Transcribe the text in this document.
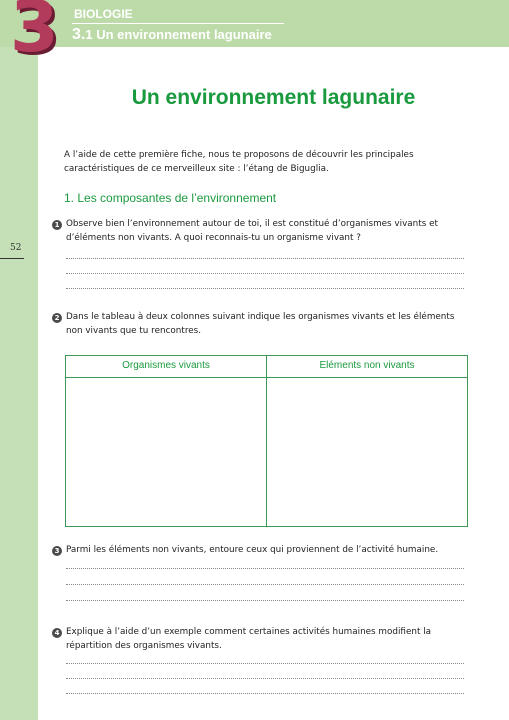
3 BIOLOGIE
3.1 Un environnement lagunaire
Un environnement lagunaire
A l’aide de cette première fiche, nous te proposons de découvrir les principales caractéristiques de ce merveilleux site : l’étang de Biguglia.
1. Les composantes de l’environnement
52
1 Observe bien l’environnement autour de toi, il est constitué d’organismes vivants et d’éléments non vivants. A quoi reconnais-tu un organisme vivant ?
2 Dans le tableau à deux colonnes suivant indique les organismes vivants et les éléments non vivants que tu rencontres.
Organismes vivants	Eléments non vivants
3 Parmi les éléments non vivants, entoure ceux qui proviennent de l’activité humaine.
4 Explique à l’aide d’un exemple comment certaines activités humaines modifient la répartition des organismes vivants.
